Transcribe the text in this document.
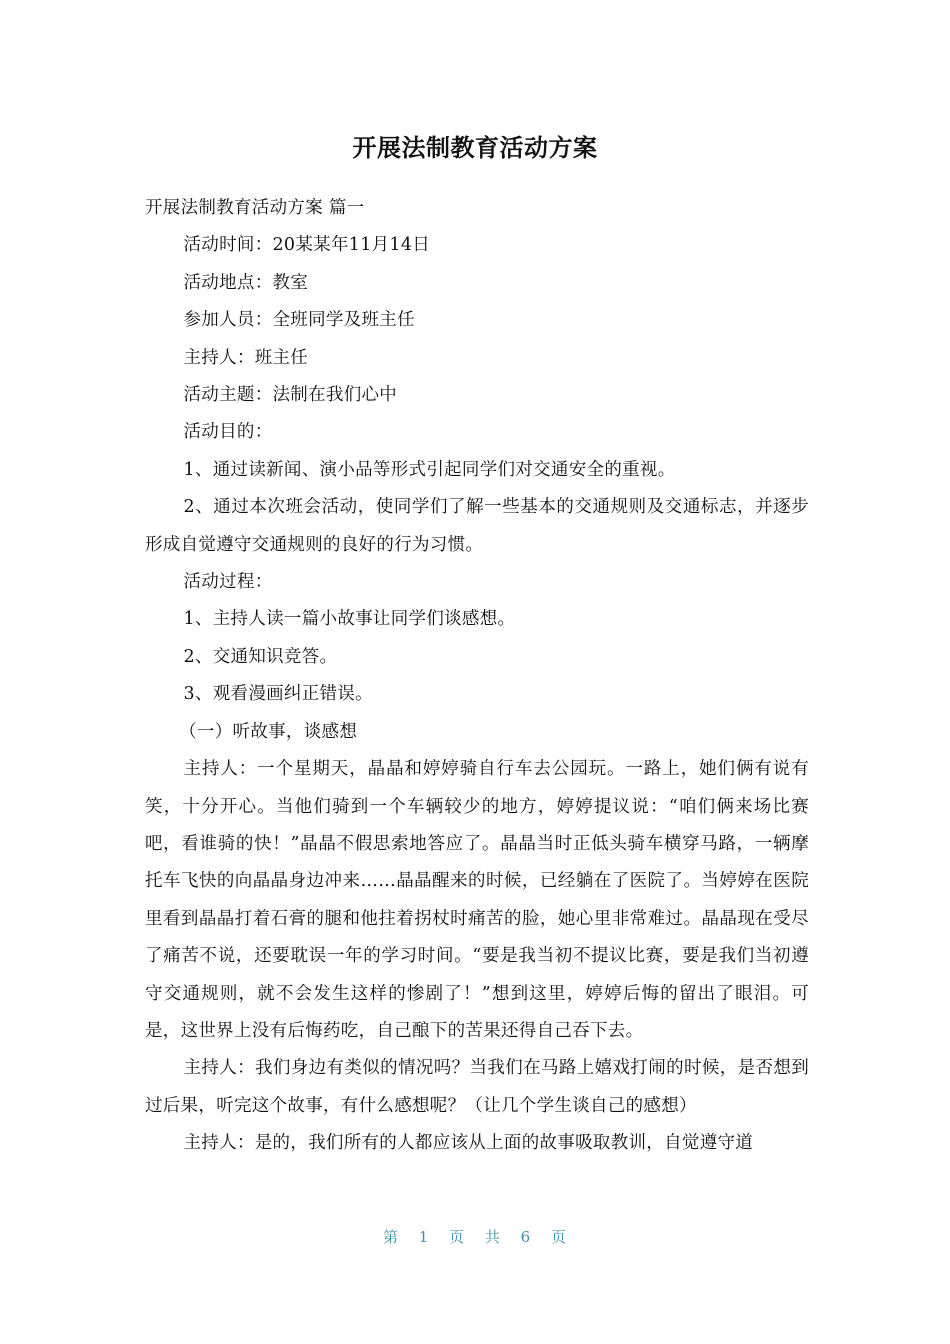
开展法制教育活动方案

开展法制教育活动方案 篇一

活动时间：20某某年11月14日

活动地点：教室

参加人员：全班同学及班主任

主持人：班主任

活动主题：法制在我们心中

活动目的：

1、通过读新闻、演小品等形式引起同学们对交通安全的重视。

2、通过本次班会活动，使同学们了解一些基本的交通规则及交通标志，并逐步形成自觉遵守交通规则的良好的行为习惯。

活动过程：

1、主持人读一篇小故事让同学们谈感想。

2、交通知识竞答。

3、观看漫画纠正错误。

（一）听故事，谈感想

主持人：一个星期天，晶晶和婷婷骑自行车去公园玩。一路上，她们俩有说有笑，十分开心。当他们骑到一个车辆较少的地方，婷婷提议说：“咱们俩来场比赛吧，看谁骑的快！”晶晶不假思索地答应了。晶晶当时正低头骑车横穿马路，一辆摩托车飞快的向晶晶身边冲来……晶晶醒来的时候，已经躺在了医院了。当婷婷在医院里看到晶晶打着石膏的腿和他拄着拐杖时痛苦的脸，她心里非常难过。晶晶现在受尽了痛苦不说，还要耽误一年的学习时间。“要是我当初不提议比赛，要是我们当初遵守交通规则，就不会发生这样的惨剧了！”想到这里，婷婷后悔的留出了眼泪。可是，这世界上没有后悔药吃，自己酿下的苦果还得自己吞下去。

主持人：我们身边有类似的情况吗？当我们在马路上嬉戏打闹的时候，是否想到过后果，听完这个故事，有什么感想呢？（让几个学生谈自己的感想）

主持人：是的，我们所有的人都应该从上面的故事吸取教训，自觉遵守道

第 1 页 共 6 页
